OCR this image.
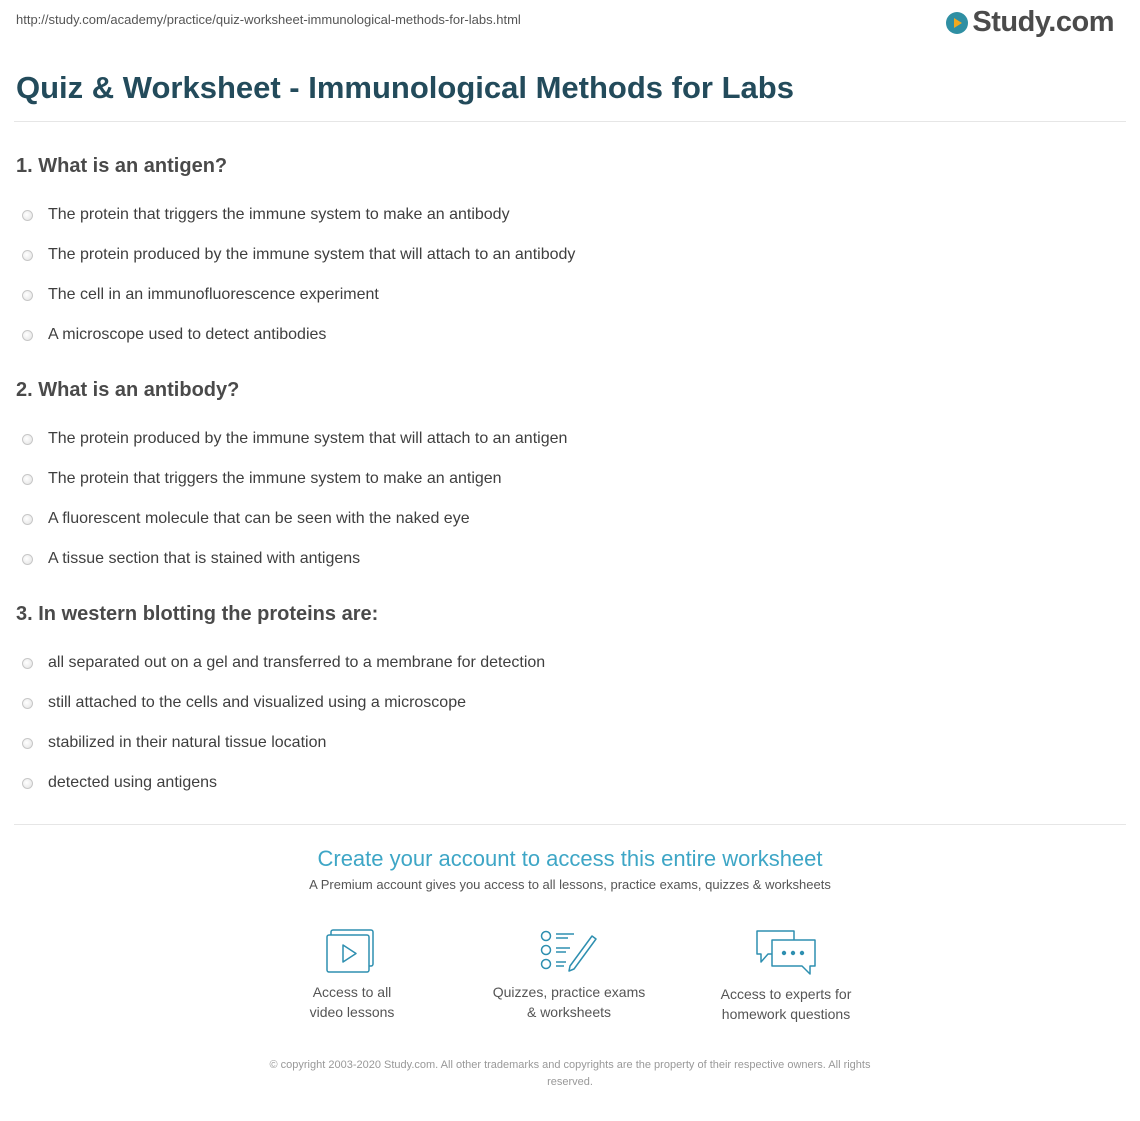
http://study.com/academy/practice/quiz-worksheet-immunological-methods-for-labs.html	Study.com
Quiz & Worksheet - Immunological Methods for Labs
1. What is an antigen?
The protein that triggers the immune system to make an antibody
The protein produced by the immune system that will attach to an antibody
The cell in an immunofluorescence experiment
A microscope used to detect antibodies
2. What is an antibody?
The protein produced by the immune system that will attach to an antigen
The protein that triggers the immune system to make an antigen
A fluorescent molecule that can be seen with the naked eye
A tissue section that is stained with antigens
3. In western blotting the proteins are:
all separated out on a gel and transferred to a membrane for detection
still attached to the cells and visualized using a microscope
stabilized in their natural tissue location
detected using antigens
Create your account to access this entire worksheet
A Premium account gives you access to all lessons, practice exams, quizzes & worksheets
Access to all
video lessons
Quizzes, practice exams
& worksheets
Access to experts for
homework questions
© copyright 2003-2020 Study.com. All other trademarks and copyrights are the property of their respective owners. All rights
reserved.
